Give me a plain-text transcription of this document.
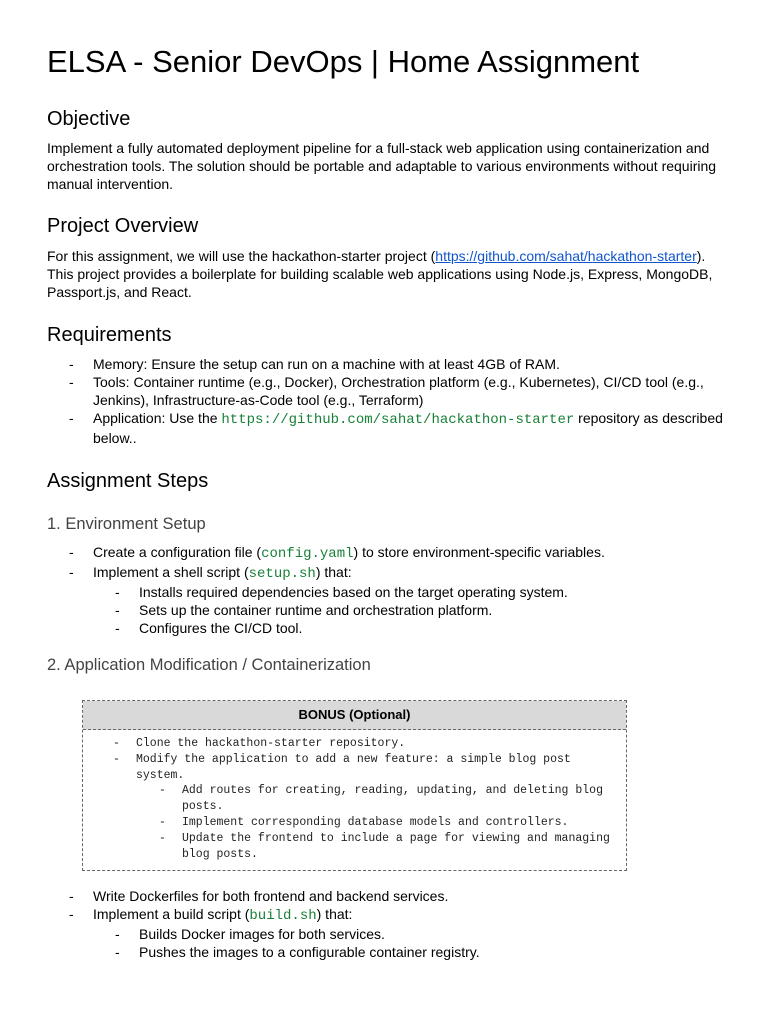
ELSA - Senior DevOps | Home Assignment
Objective

Implement a fully automated deployment pipeline for a full-stack web application using containerization and orchestration tools. The solution should be portable and adaptable to various environments without requiring manual intervention.

Project Overview

For this assignment, we will use the hackathon-starter project (https://github.com/sahat/hackathon-starter). This project provides a boilerplate for building scalable web applications using Node.js, Express, MongoDB, Passport.js, and React.

Requirements
- Memory: Ensure the setup can run on a machine with at least 4GB of RAM.
- Tools: Container runtime (e.g., Docker), Orchestration platform (e.g., Kubernetes), CI/CD tool (e.g., Jenkins), Infrastructure-as-Code tool (e.g., Terraform)
- Application: Use the https://github.com/sahat/hackathon-starter repository as described below..
Assignment Steps
1. Environment Setup
- Create a configuration file (config.yaml) to store environment-specific variables.
- Implement a shell script (setup.sh) that:
- Installs required dependencies based on the target operating system.
- Sets up the container runtime and orchestration platform.
- Configures the CI/CD tool.
2. Application Modification / Containerization
BONUS (Optional)
- Clone the hackathon-starter repository.
- Modify the application to add a new feature: a simple blog post system.
- Add routes for creating, reading, updating, and deleting blog posts.
- Implement corresponding database models and controllers.
- Update the frontend to include a page for viewing and managing blog posts.
- Write Dockerfiles for both frontend and backend services.
- Implement a build script (build.sh) that:
- Builds Docker images for both services.
- Pushes the images to a configurable container registry.
